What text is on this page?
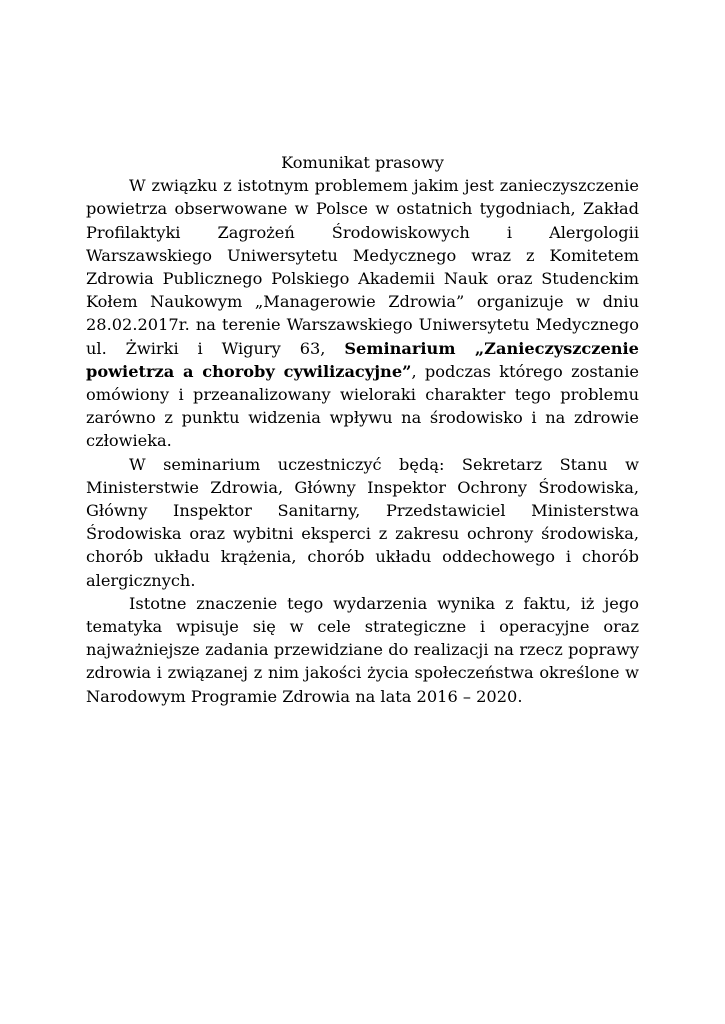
Komunikat prasowy

W związku z istotnym problemem jakim jest zanieczyszczenie powietrza obserwowane w Polsce w ostatnich tygodniach, Zakład Profilaktyki Zagrożeń Środowiskowych i Alergologii Warszawskiego Uniwersytetu Medycznego wraz z Komitetem Zdrowia Publicznego Polskiego Akademii Nauk oraz Studenckim Kołem Naukowym „Managerowie Zdrowia” organizuje w dniu 28.02.2017r. na terenie Warszawskiego Uniwersytetu Medycznego ul. Żwirki i Wigury 63, Seminarium „Zanieczyszczenie powietrza a choroby cywilizacyjne”, podczas którego zostanie omówiony i przeanalizowany wieloraki charakter tego problemu zarówno z punktu widzenia wpływu na środowisko i na zdrowie człowieka.

W seminarium uczestniczyć będą: Sekretarz Stanu w Ministerstwie Zdrowia, Główny Inspektor Ochrony Środowiska, Główny Inspektor Sanitarny, Przedstawiciel Ministerstwa Środowiska oraz wybitni eksperci z zakresu ochrony środowiska, chorób układu krążenia, chorób układu oddechowego i chorób alergicznych.

Istotne znaczenie tego wydarzenia wynika z faktu, iż jego tematyka wpisuje się w cele strategiczne i operacyjne oraz najważniejsze zadania przewidziane do realizacji na rzecz poprawy zdrowia i związanej z nim jakości życia społeczeństwa określone w Narodowym Programie Zdrowia na lata 2016 – 2020.
